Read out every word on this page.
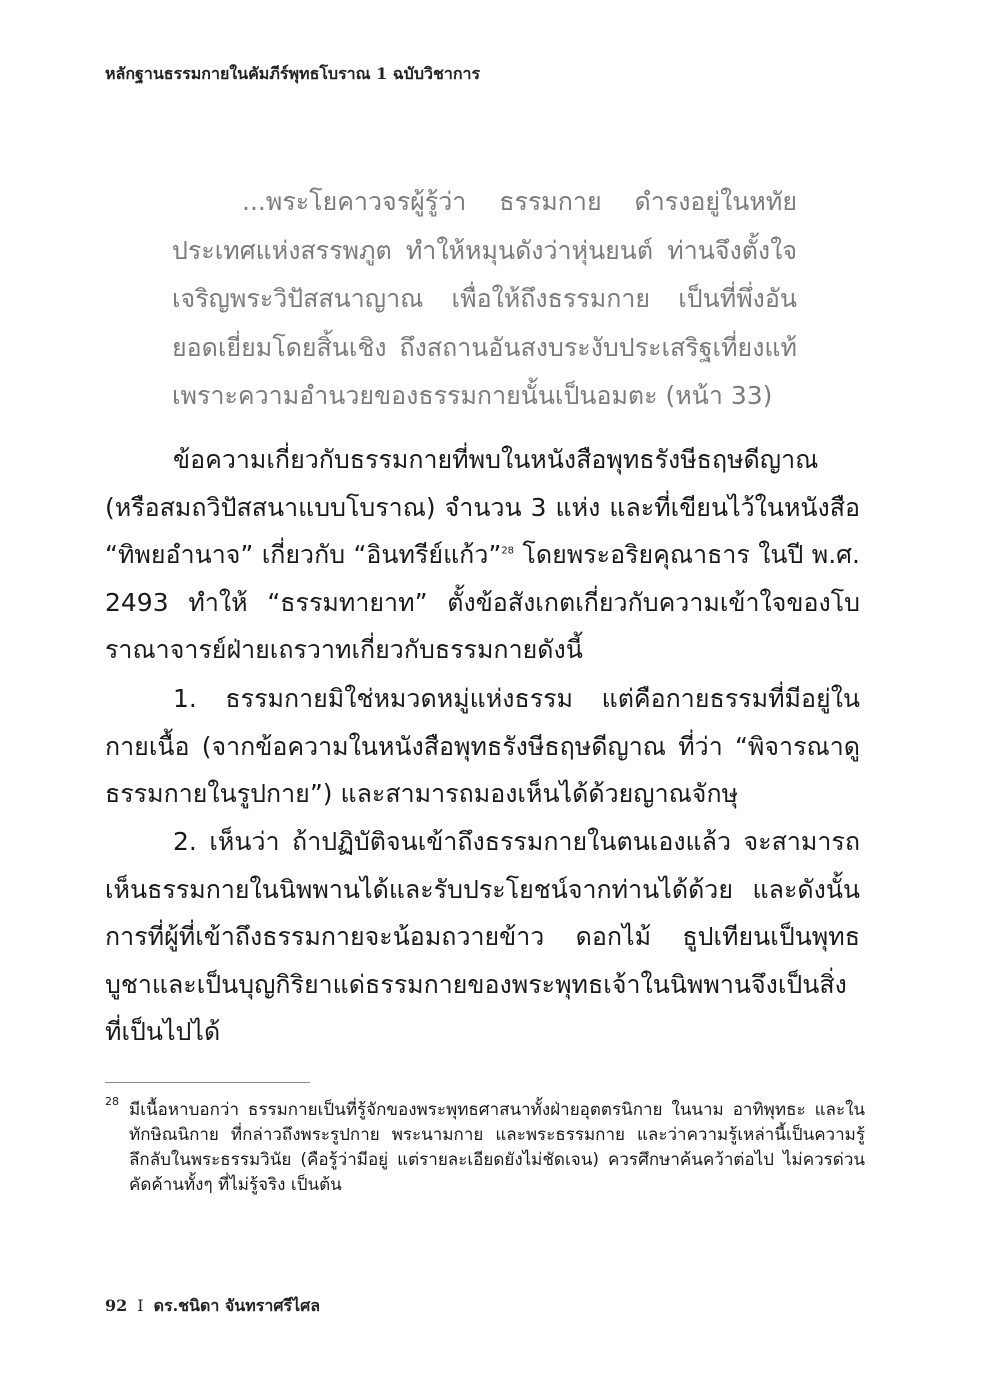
หลักฐานธรรมกายในคัมภีร์พุทธโบราณ 1 ฉบับวิชาการ

...พระโยคาวจรผู้รู้ว่า ธรรมกาย ดำรงอยู่ในหทัยประเทศแห่งสรรพภูต ทำให้หมุนดังว่าหุ่นยนต์ ท่านจึงตั้งใจเจริญพระวิปัสสนาญาณ เพื่อให้ถึงธรรมกาย เป็นที่พึ่งอันยอดเยี่ยมโดยสิ้นเชิง ถึงสถานอันสงบระงับประเสริฐเที่ยงแท้ เพราะความอำนวยของธรรมกายนั้นเป็นอมตะ (หน้า 33)

ข้อความเกี่ยวกับธรรมกายที่พบในหนังสือพุทธรังษีธฤษดีญาณ (หรือสมถวิปัสสนาแบบโบราณ) จำนวน 3 แห่ง และที่เขียนไว้ในหนังสือ “ทิพยอำนาจ” เกี่ยวกับ “อินทรีย์แก้ว”$^{28}$ โดยพระอริยคุณาธาร ในปี พ.ศ. 2493 ทำให้ “ธรรมทายาท” ตั้งข้อสังเกตเกี่ยวกับความเข้าใจของโบราณาจารย์ฝ่ายเถรวาทเกี่ยวกับธรรมกายดังนี้

1. ธรรมกายมิใช่หมวดหมู่แห่งธรรม แต่คือกายธรรมที่มีอยู่ในกายเนื้อ (จากข้อความในหนังสือพุทธรังษีธฤษดีญาณ ที่ว่า “พิจารณาดูธรรมกายในรูปกาย”) และสามารถมองเห็นได้ด้วยญาณจักษุ

2. เห็นว่า ถ้าปฏิบัติจนเข้าถึงธรรมกายในตนเองแล้ว จะสามารถเห็นธรรมกายในนิพพานได้และรับประโยชน์จากท่านได้ด้วย และดังนั้นการที่ผู้ที่เข้าถึงธรรมกายจะน้อมถวายข้าว ดอกไม้ ธูปเทียนเป็นพุทธบูชาและเป็นบุญกิริยาแด่ธรรมกายของพระพุทธเจ้าในนิพพานจึงเป็นสิ่งที่เป็นไปได้

28 มีเนื้อหาบอกว่า ธรรมกายเป็นที่รู้จักของพระพุทธศาสนาทั้งฝ่ายอุตตรนิกาย ในนาม อาทิพุทธะ และในทักษิณนิกาย ที่กล่าวถึงพระรูปกาย พระนามกาย และพระธรรมกาย และว่าความรู้เหล่านี้เป็นความรู้ลึกลับในพระธรรมวินัย (คือรู้ว่ามีอยู่ แต่รายละเอียดยังไม่ชัดเจน) ควรศึกษาค้นคว้าต่อไป ไม่ควรด่วนคัดค้านทั้งๆ ที่ไม่รู้จริง เป็นต้น

92 I ดร.ชนิดา จันทราศรีไศล
